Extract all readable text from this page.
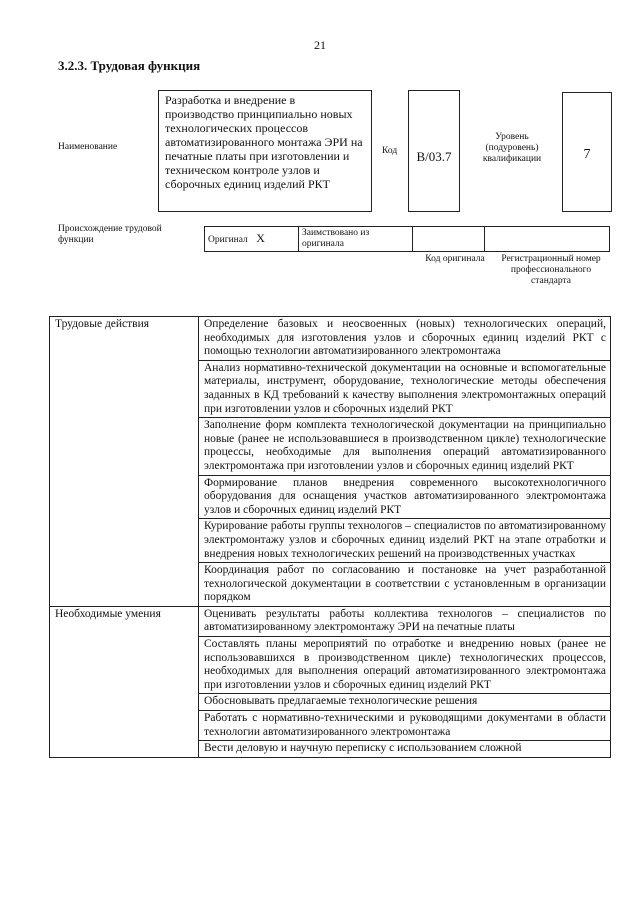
21
3.2.3. Трудовая функция
Наименование
Разработка и внедрение в производство принципиально новых технологических процессов автоматизированного монтажа ЭРИ на печатные платы при изготовлении и техническом контроле узлов и сборочных единиц изделий РКТ
Код	В/03.7
Уровень (подуровень) квалификации	7
Происхождение трудовой функции	Оригинал X	Заимствовано из оригинала		
Код оригинала	Регистрационный номер профессионального стандарта
Трудовые действия	Определение базовых и неосвоенных (новых) технологических операций, необходимых для изготовления узлов и сборочных единиц изделий РКТ с помощью технологии автоматизированного электромонтажа
	Анализ нормативно-технической документации на основные и вспомогательные материалы, инструмент, оборудование, технологические методы обеспечения заданных в КД требований к качеству выполнения электромонтажных операций при изготовлении узлов и сборочных изделий РКТ
	Заполнение форм комплекта технологической документации на принципиально новые (ранее не использовавшиеся в производственном цикле) технологические процессы, необходимые для выполнения операций автоматизированного электромонтажа при изготовлении узлов и сборочных единиц изделий РКТ
	Формирование планов внедрения современного высокотехнологичного оборудования для оснащения участков автоматизированного электромонтажа узлов и сборочных единиц изделий РКТ
	Курирование работы группы технологов – специалистов по автоматизированному электромонтажу узлов и сборочных единиц изделий РКТ на этапе отработки и внедрения новых технологических решений на производственных участках
	Координация работ по согласованию и постановке на учет разработанной технологической документации в соответствии с установленным в организации порядком
Необходимые умения	Оценивать результаты работы коллектива технологов – специалистов по автоматизированному электромонтажу ЭРИ на печатные платы
	Составлять планы мероприятий по отработке и внедрению новых (ранее не использовавшихся в производственном цикле) технологических процессов, необходимых для выполнения операций автоматизированного электромонтажа при изготовлении узлов и сборочных единиц изделий РКТ
	Обосновывать предлагаемые технологические решения
	Работать с нормативно-техническими и руководящими документами в области технологии автоматизированного электромонтажа
	Вести деловую и научную переписку с использованием сложной
